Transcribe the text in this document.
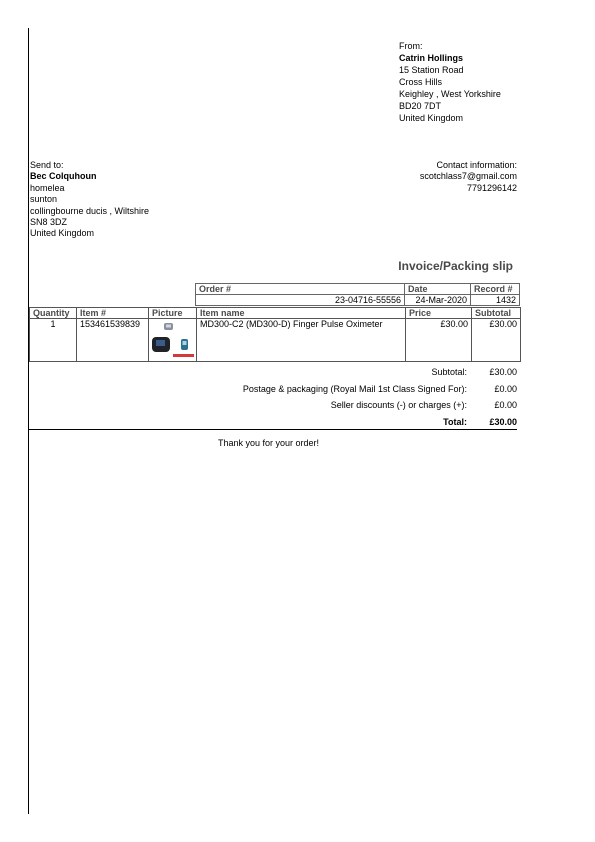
From:
Catrin Hollings
15 Station Road
Cross Hills
Keighley , West Yorkshire
BD20 7DT
United Kingdom
Send to:
Bec Colquhoun
homelea
sunton
collingbourne ducis , Wiltshire
SN8 3DZ
United Kingdom
Contact information:
scotchlass7@gmail.com
7791296142
Invoice/Packing slip
Order #	Date	Record #
23-04716-55556	24-Mar-2020	1432
Quantity	Item #	Picture	Item name	Price	Subtotal
1	153461539839		MD300-C2 (MD300-D) Finger Pulse Oximeter	£30.00	£30.00
Subtotal:	£30.00
Postage & packaging (Royal Mail 1st Class Signed For):	£0.00
Seller discounts (-) or charges (+):	£0.00
Total:	£30.00
Thank you for your order!
